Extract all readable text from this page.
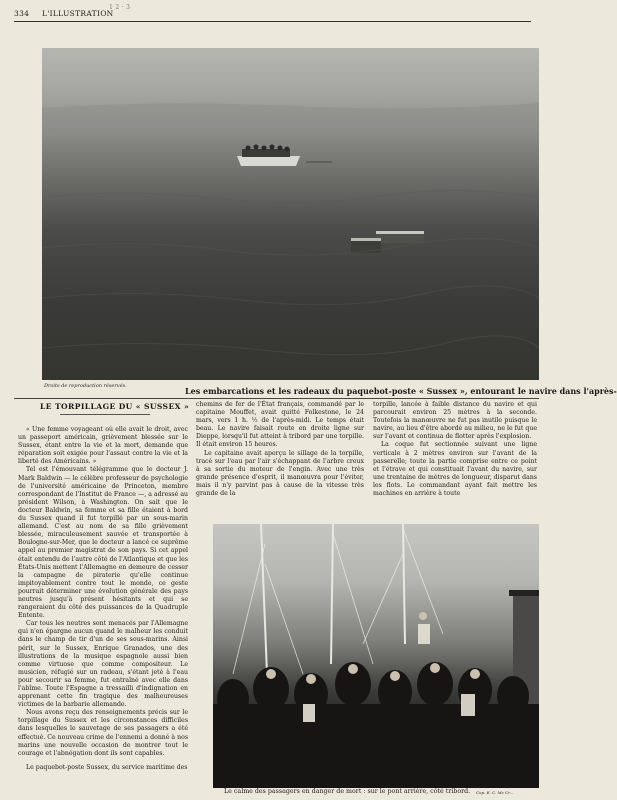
334 L'ILLUSTRATION
1 2 · 3
Droits de reproduction réservés.	Les embarcations et les radeaux du paquebot-poste « Sussex », entourant le navire dans l'après-
LE TORPILLAGE DU « SUSSEX »

« Une femme voyageant où elle avait le droit, avec un passeport américain, grièvement blessée sur le Sussex, étant entre la vie et la mort, demande que réparation soit exigée pour l'assaut contre la vie et la liberté des Américains. »

Tel est l'émouvant télégramme que le docteur J. Mark Baldwin — le célèbre professeur de psychologie de l'université américaine de Princeton, membre correspondant de l'Institut de France —, a adressé au président Wilson, à Washington. On sait que le docteur Baldwin, sa femme et sa fille étaient à bord du Sussex quand il fut torpillé par un sous-marin allemand. C'est au nom de sa fille grièvement blessée, miraculeusement sauvée et transportée à Boulogne-sur-Mer, que le docteur a lancé ce suprême appel au premier magistrat de son pays. Si cet appel était entendu de l'autre côté de l'Atlantique et que les États-Unis mettent l'Allemagne en demeure de cesser la campagne de piraterie qu'elle continue impitoyablement contre tout le monde, ce geste pourrait déterminer une évolution générale des pays neutres jusqu'à présent hésitants et qui se rangeraient du côté des puissances de la Quadruple Entente.

Car tous les neutres sont menacés par l'Allemagne qui n'en épargne aucun quand le malheur les conduit dans le champ de tir d'un de ses sous-marins. Ainsi périt, sur le Sussex, Enrique Granados, une des illustrations de la musique espagnole aussi bien comme virtuose que comme compositeur. Le musicien, réfugié sur un radeau, s'étant jeté à l'eau pour secourir sa femme, fut entraîné avec elle dans l'abîme. Toute l'Espagne a tressailli d'indignation en apprenant cette fin tragique des malheureuses victimes de la barbarie allemande.

Nous avons reçu des renseignements précis sur le torpillage du Sussex et les circonstances difficiles dans lesquelles le sauvetage de ses passagers a été effectué. Ce nouveau crime de l'ennemi a donné à nos marins une nouvelle occasion de montrer tout le courage et l'abnégation dont ils sont capables.

Le paquebot-poste Sussex, du service maritime des

chemins de fer de l'État français, commandé par le capitaine Mouffet, avait quitté Folkestone, le 24 mars, vers 1 h. ½ de l'après-midi. Le temps était beau. Le navire faisait route en droite ligne sur Dieppe, lorsqu'il fut atteint à tribord par une torpille. Il était environ 15 heures.

Le capitaine avait aperçu le sillage de la torpille, tracé sur l'eau par l'air s'échappant de l'arbre creux à sa sortie du moteur de l'engin. Avec une très grande présence d'esprit, il manœuvra pour l'éviter, mais il n'y parvint pas à cause de la vitesse très grande de la

torpille, lancée à faible distance du navire et qui parcourait environ 25 mètres à la seconde. Toutefois la manœuvre ne fut pas inutile puisque le navire, au lieu d'être abordé au milieu, ne le fut que sur l'avant et continua de flotter après l'explosion.

La coque fut sectionnée suivant une ligne verticale à 2 mètres environ sur l'avant de la passerelle; toute la partie comprise entre ce point et l'étrave et qui constituait l'avant du navire, sur une trentaine de mètres de longueur, disparut dans les flots. Le commandant ayant fait mettre les machines en arrière à toute

Le calme des passagers en danger de mort : sur le pont arrière, côté tribord. Cop. E. C. Mc Cr...
